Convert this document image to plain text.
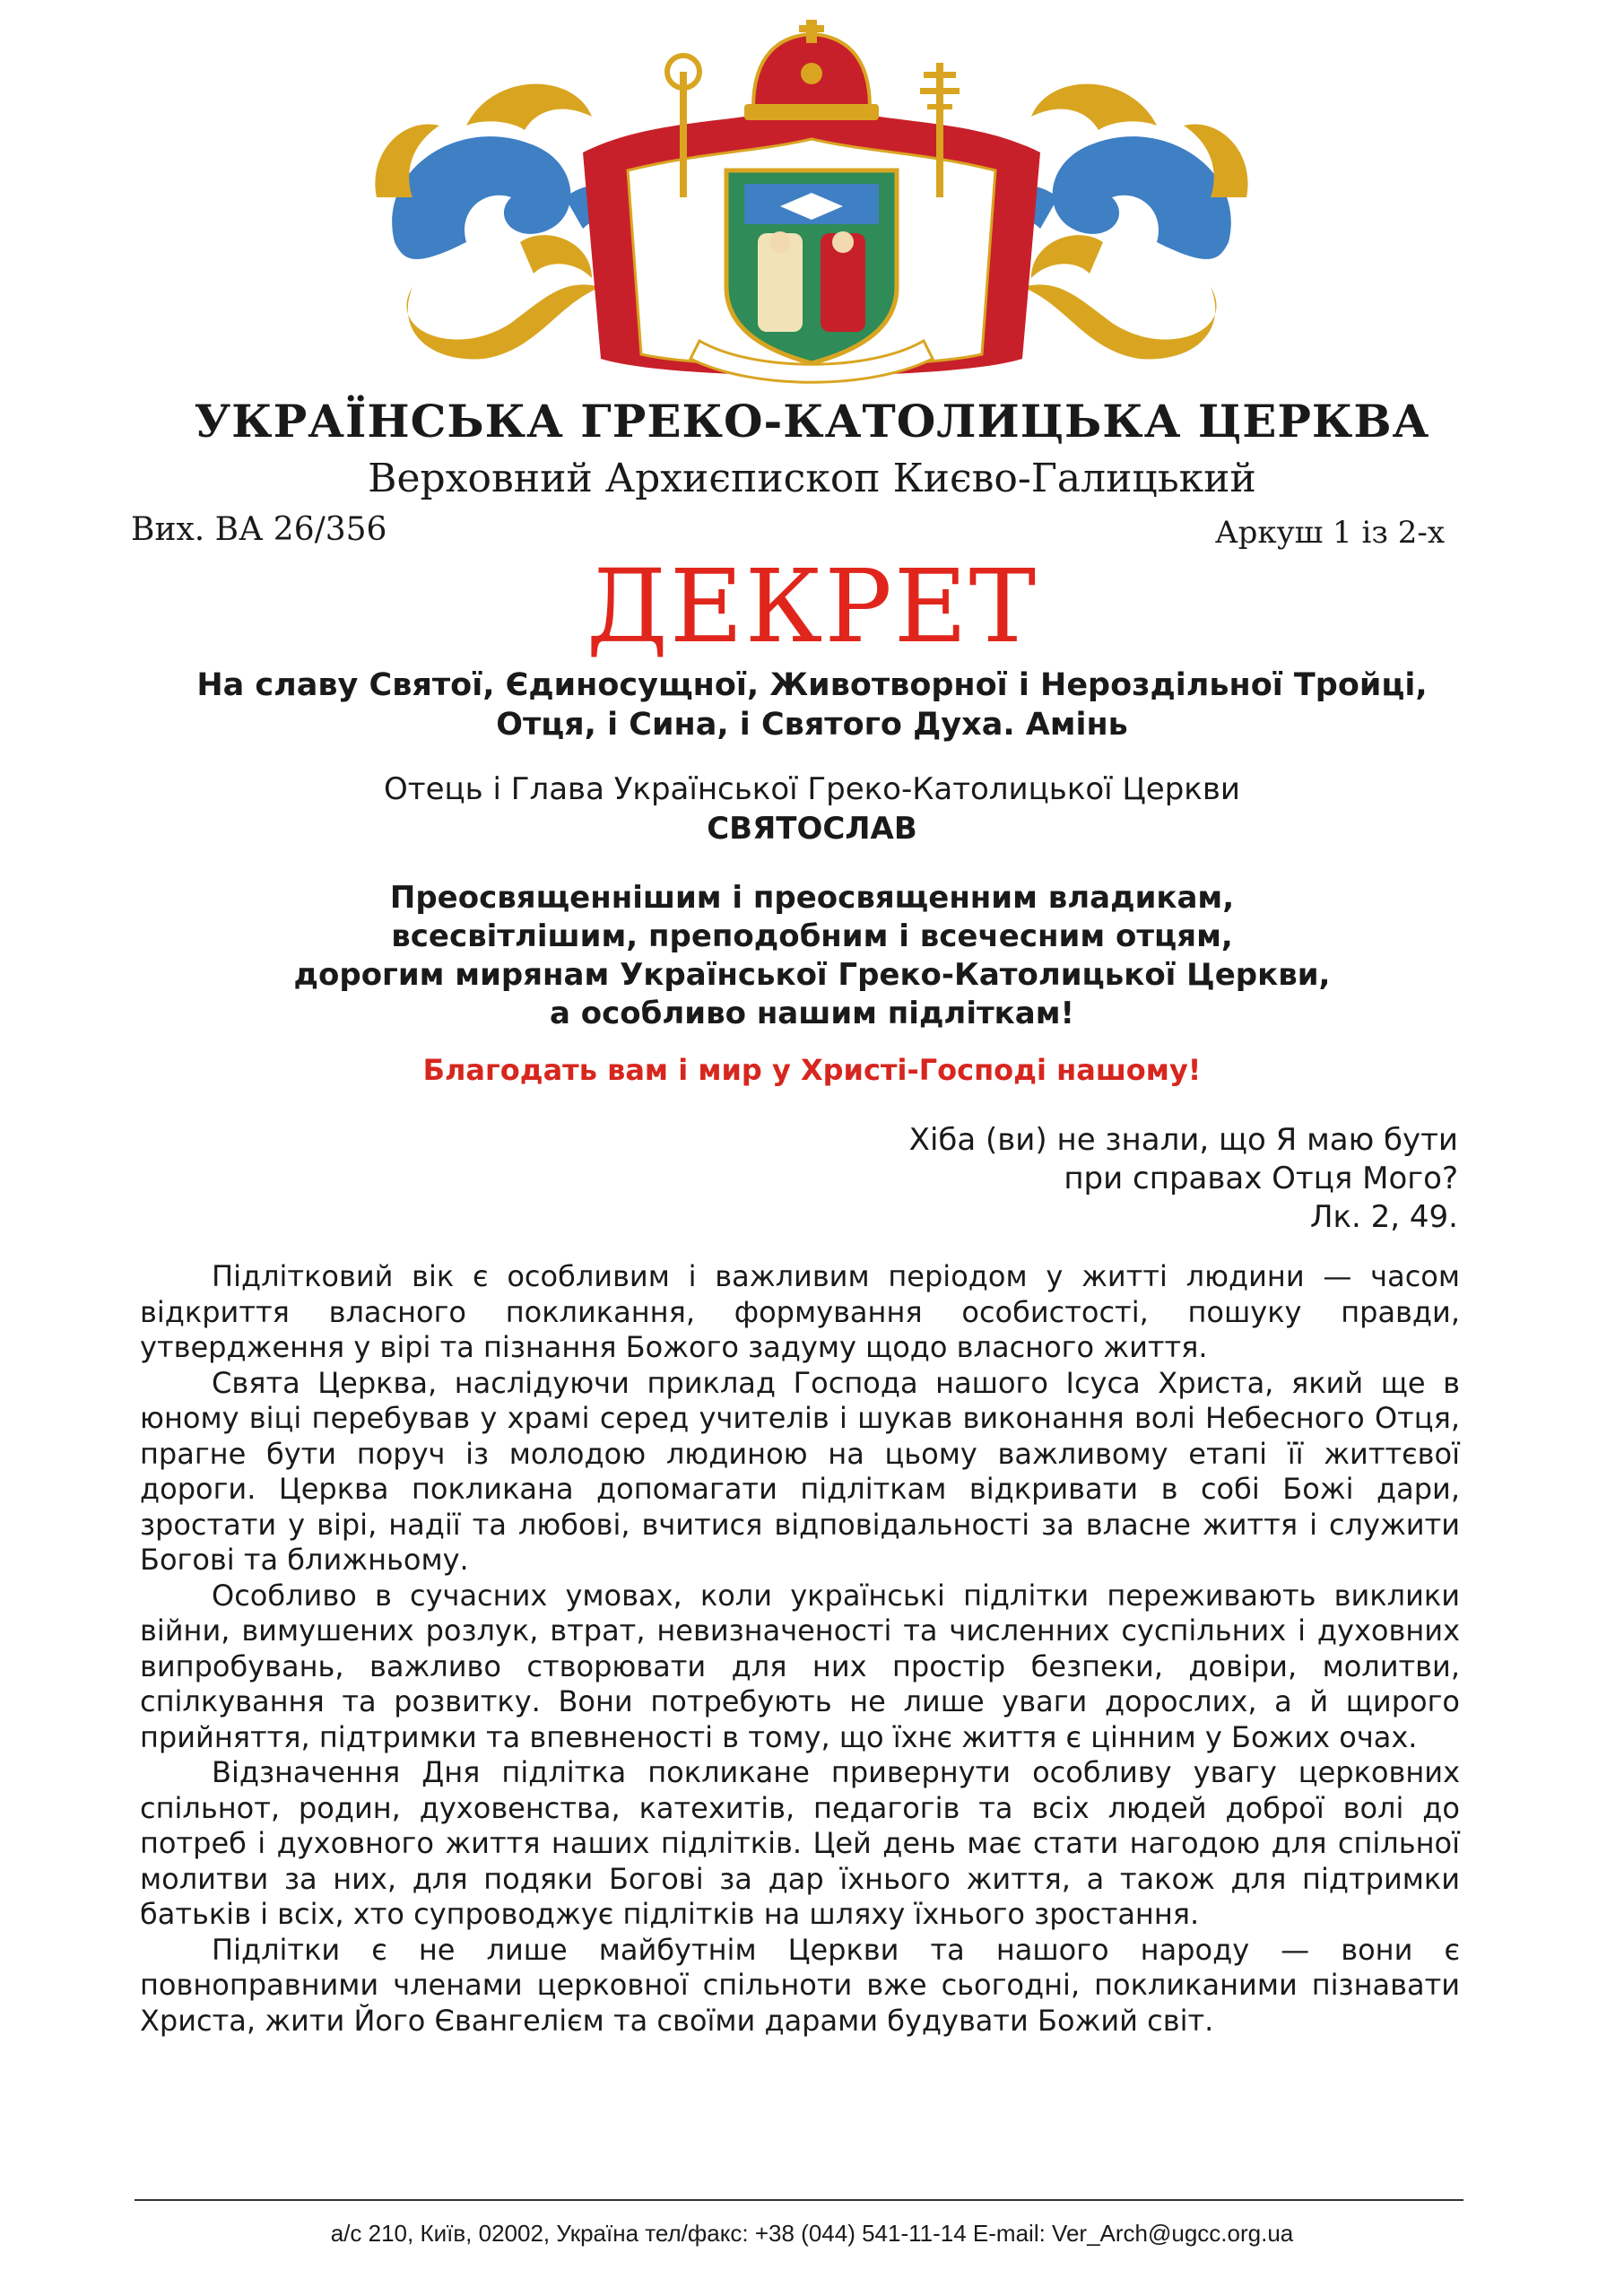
УКРАЇНСЬКА ГРЕКО-КАТОЛИЦЬКА ЦЕРКВА
Верховний Архиєпископ Києво-Галицький
Вих. ВА 26/356	Аркуш 1 із 2-х
ДЕКРЕТ
На славу Святої, Єдиносущної, Животворної і Нероздільної Тройці,
Отця, і Сина, і Святого Духа. Амінь
Отець і Глава Української Греко-Католицької Церкви
СВЯТОСЛАВ
Преосвященнішим і преосвященним владикам,
всесвітлішим, преподобним і всечесним отцям,
дорогим мирянам Української Греко-Католицької Церкви,
а особливо нашим підліткам!
Благодать вам і мир у Христі-Господі нашому!
Хіба (ви) не знали, що Я маю бути
при справах Отця Мого?
Лк. 2, 49.

Підлітковий вік є особливим і важливим періодом у житті людини — часом відкриття власного покликання, формування особистості, пошуку правди, утвердження у вірі та пізнання Божого задуму щодо власного життя.

Свята Церква, наслідуючи приклад Господа нашого Ісуса Христа, який ще в юному віці перебував у храмі серед учителів і шукав виконання волі Небесного Отця, прагне бути поруч із молодою людиною на цьому важливому етапі її життєвої дороги. Церква покликана допомагати підліткам відкривати в собі Божі дари, зростати у вірі, надії та любові, вчитися відповідальності за власне життя і служити Богові та ближньому.

Особливо в сучасних умовах, коли українські підлітки переживають виклики війни, вимушених розлук, втрат, невизначеності та численних суспільних і духовних випробувань, важливо створювати для них простір безпеки, довіри, молитви, спілкування та розвитку. Вони потребують не лише уваги дорослих, а й щирого прийняття, підтримки та впевненості в тому, що їхнє життя є цінним у Божих очах.

Відзначення Дня підлітка покликане привернути особливу увагу церковних спільнот, родин, духовенства, катехитів, педагогів та всіх людей доброї волі до потреб і духовного життя наших підлітків. Цей день має стати нагодою для спільної молитви за них, для подяки Богові за дар їхнього життя, а також для підтримки батьків і всіх, хто супроводжує підлітків на шляху їхнього зростання.

Підлітки є не лише майбутнім Церкви та нашого народу — вони є повноправними членами церковної спільноти вже сьогодні, покликаними пізнавати Христа, жити Його Євангелієм та своїми дарами будувати Божий світ.

а/с 210, Київ, 02002, Україна тел/факс: +38 (044) 541-11-14 E-mail: Ver_Arch@ugcc.org.ua
